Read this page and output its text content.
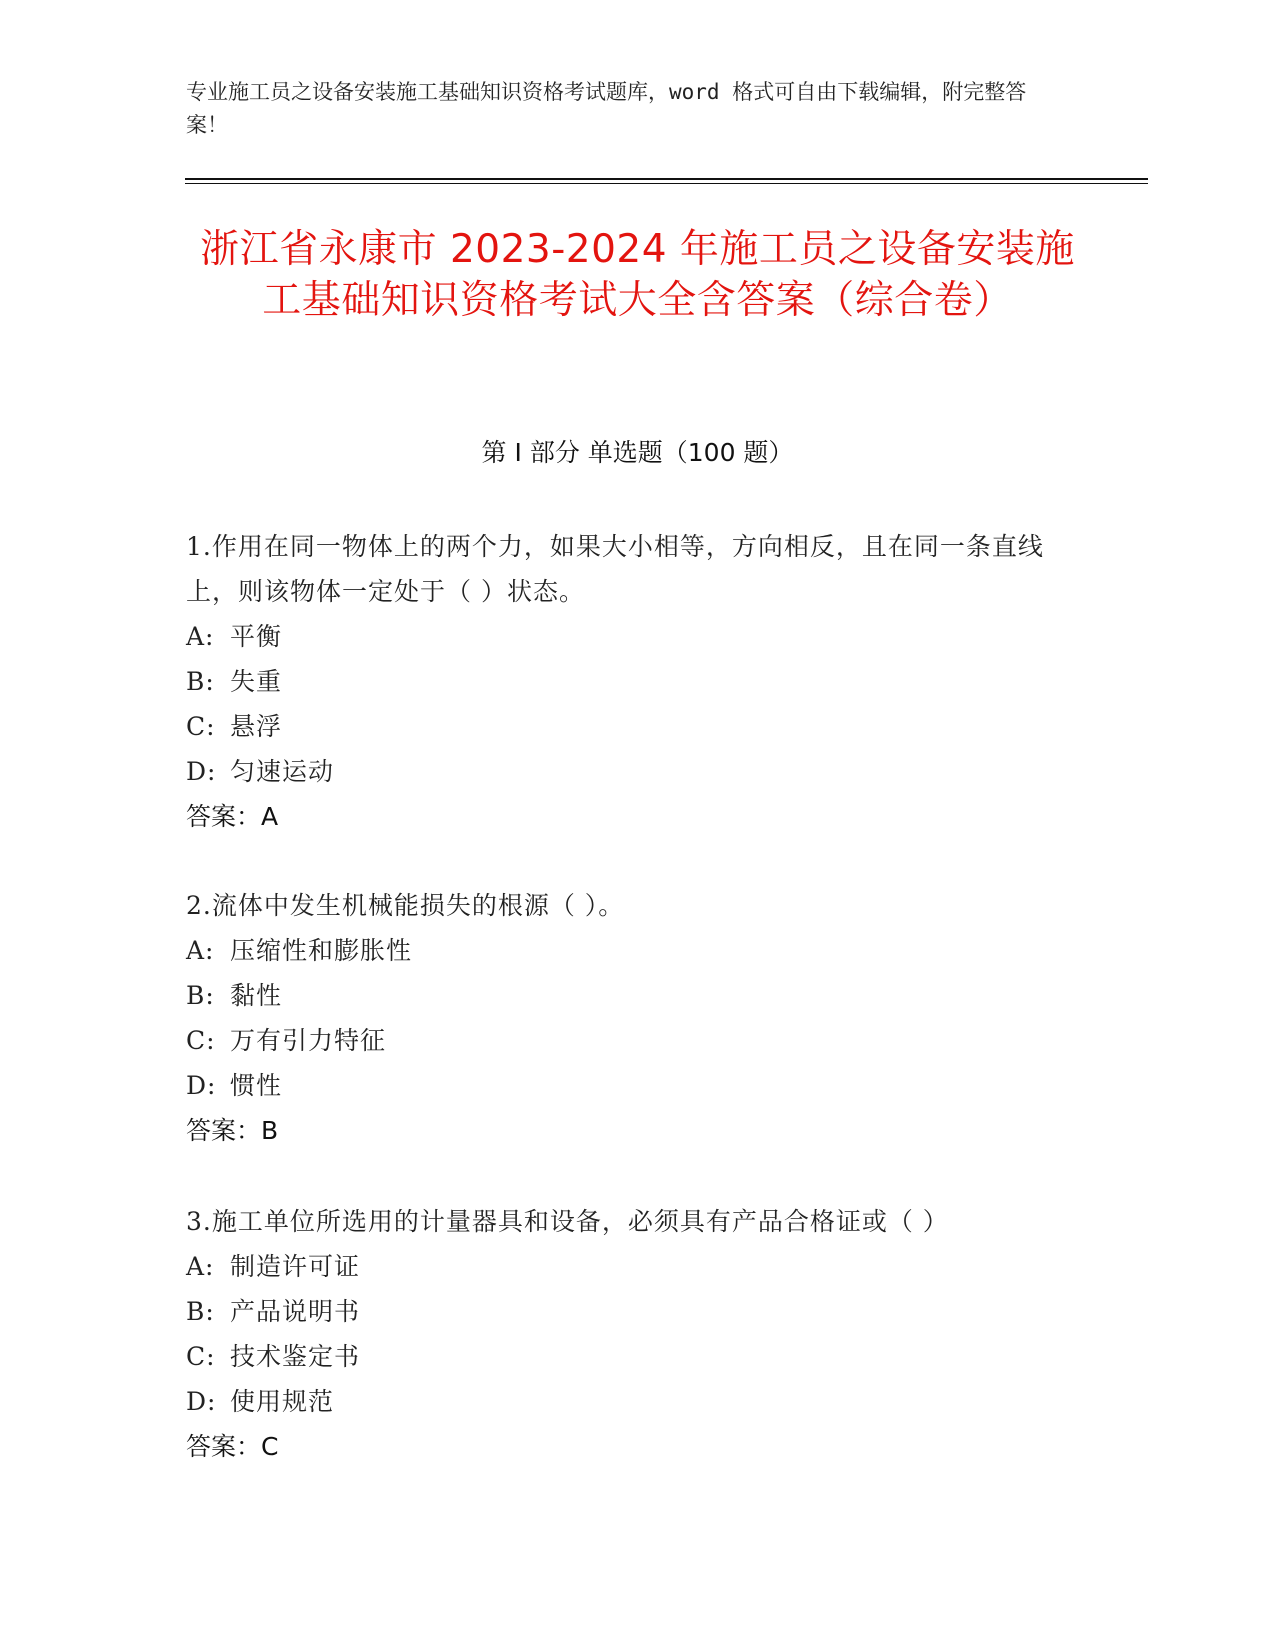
专业施工员之设备安装施工基础知识资格考试题库，word 格式可自由下载编辑，附完整答案！
浙江省永康市 2023-2024 年施工员之设备安装施工基础知识资格考试大全含答案（综合卷）
第 I 部分 单选题（100 题）
1.作用在同一物体上的两个力，如果大小相等，方向相反，且在同一条直线上，则该物体一定处于（ ）状态。
A: 平衡
B: 失重
C: 悬浮
D: 匀速运动
答案：A
2.流体中发生机械能损失的根源（ ）。
A: 压缩性和膨胀性
B: 黏性
C: 万有引力特征
D: 惯性
答案：B
3.施工单位所选用的计量器具和设备，必须具有产品合格证或（ ）
A: 制造许可证
B: 产品说明书
C: 技术鉴定书
D: 使用规范
答案：C
